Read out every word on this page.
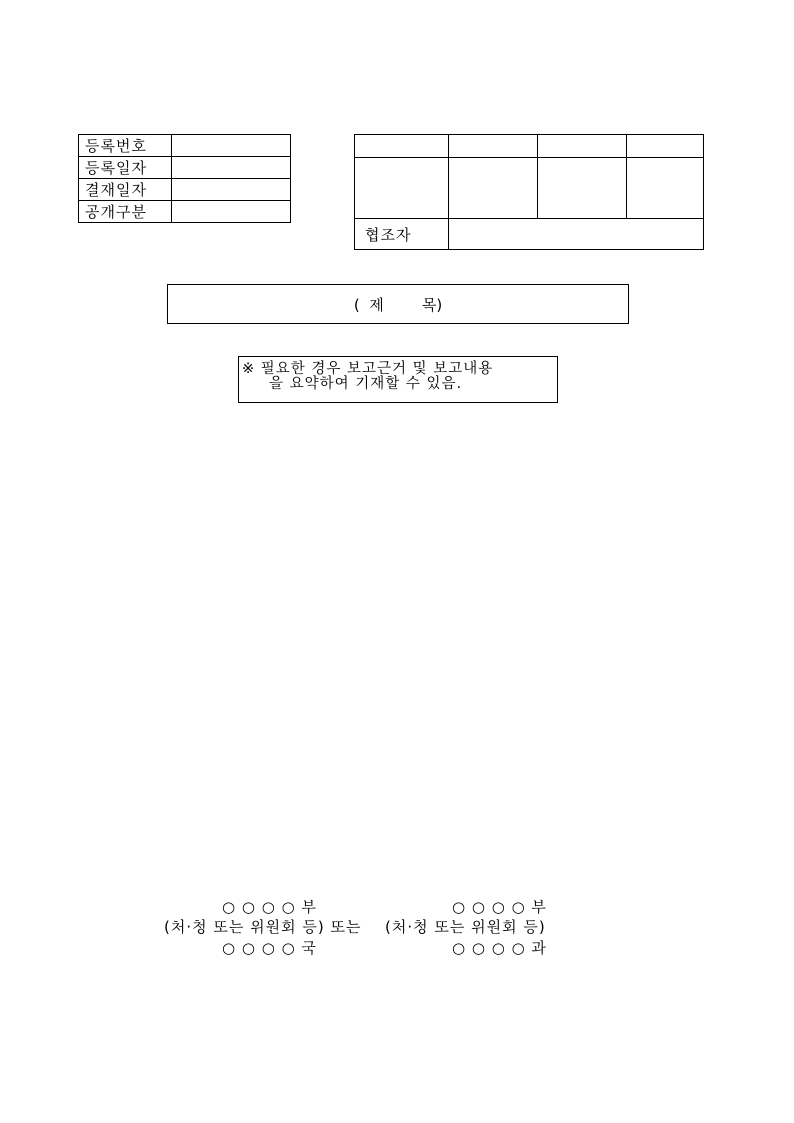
등록번호	
등록일자	
결재일자	
공개구분	

협조자			
(  제        목)
※ 필요한 경우 보고근거 및 보고내용
을 요약하여 기재할 수 있음.
○ ○ ○ ○ 부
(처·청 또는 위원회 등) 또는
○ ○ ○ ○ 국
○ ○ ○ ○ 부
(처·청 또는 위원회 등)
○ ○ ○ ○ 과
